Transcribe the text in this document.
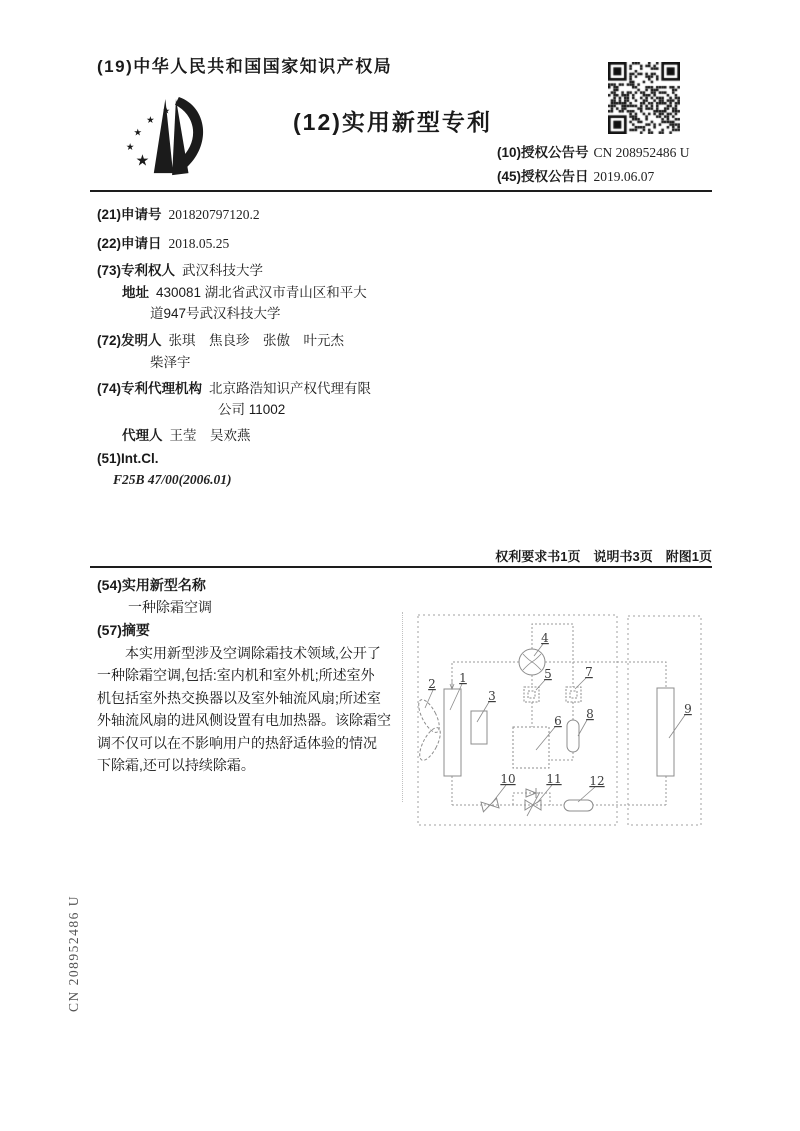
(19)中华人民共和国国家知识产权局
★
★
★
★
★	(12)实用新型专利
(10)授权公告号 CN 208952486 U
(45)授权公告日 2019.06.07
(21)申请号 201820797120.2
(22)申请日 2018.05.25
(73)专利权人 武汉科技大学
地址 430081 湖北省武汉市青山区和平大
道947号武汉科技大学
(72)发明人 张琪　焦良珍　张傲　叶元杰
柴泽宇
(74)专利代理机构 北京路浩知识产权代理有限
公司 11002
代理人 王莹　吴欢燕
(51)Int.Cl.
F25B 47/00(2006.01)
权利要求书1页　说明书3页　附图1页
(54)实用新型名称
一种除霜空调
(57)摘要
本实用新型涉及空调除霜技术领域,公开了
一种除霜空调,包括:室内机和室外机;所述室外
机包括室外热交换器以及室外轴流风扇;所述室
外轴流风扇的进风侧设置有电加热器。该除霜空
调不仅可以在不影响用户的热舒适体验的情况
下除霜,还可以持续除霜。
1
2
3
4
5
6
7
8	9
10	11 12
CN 208952486 U
